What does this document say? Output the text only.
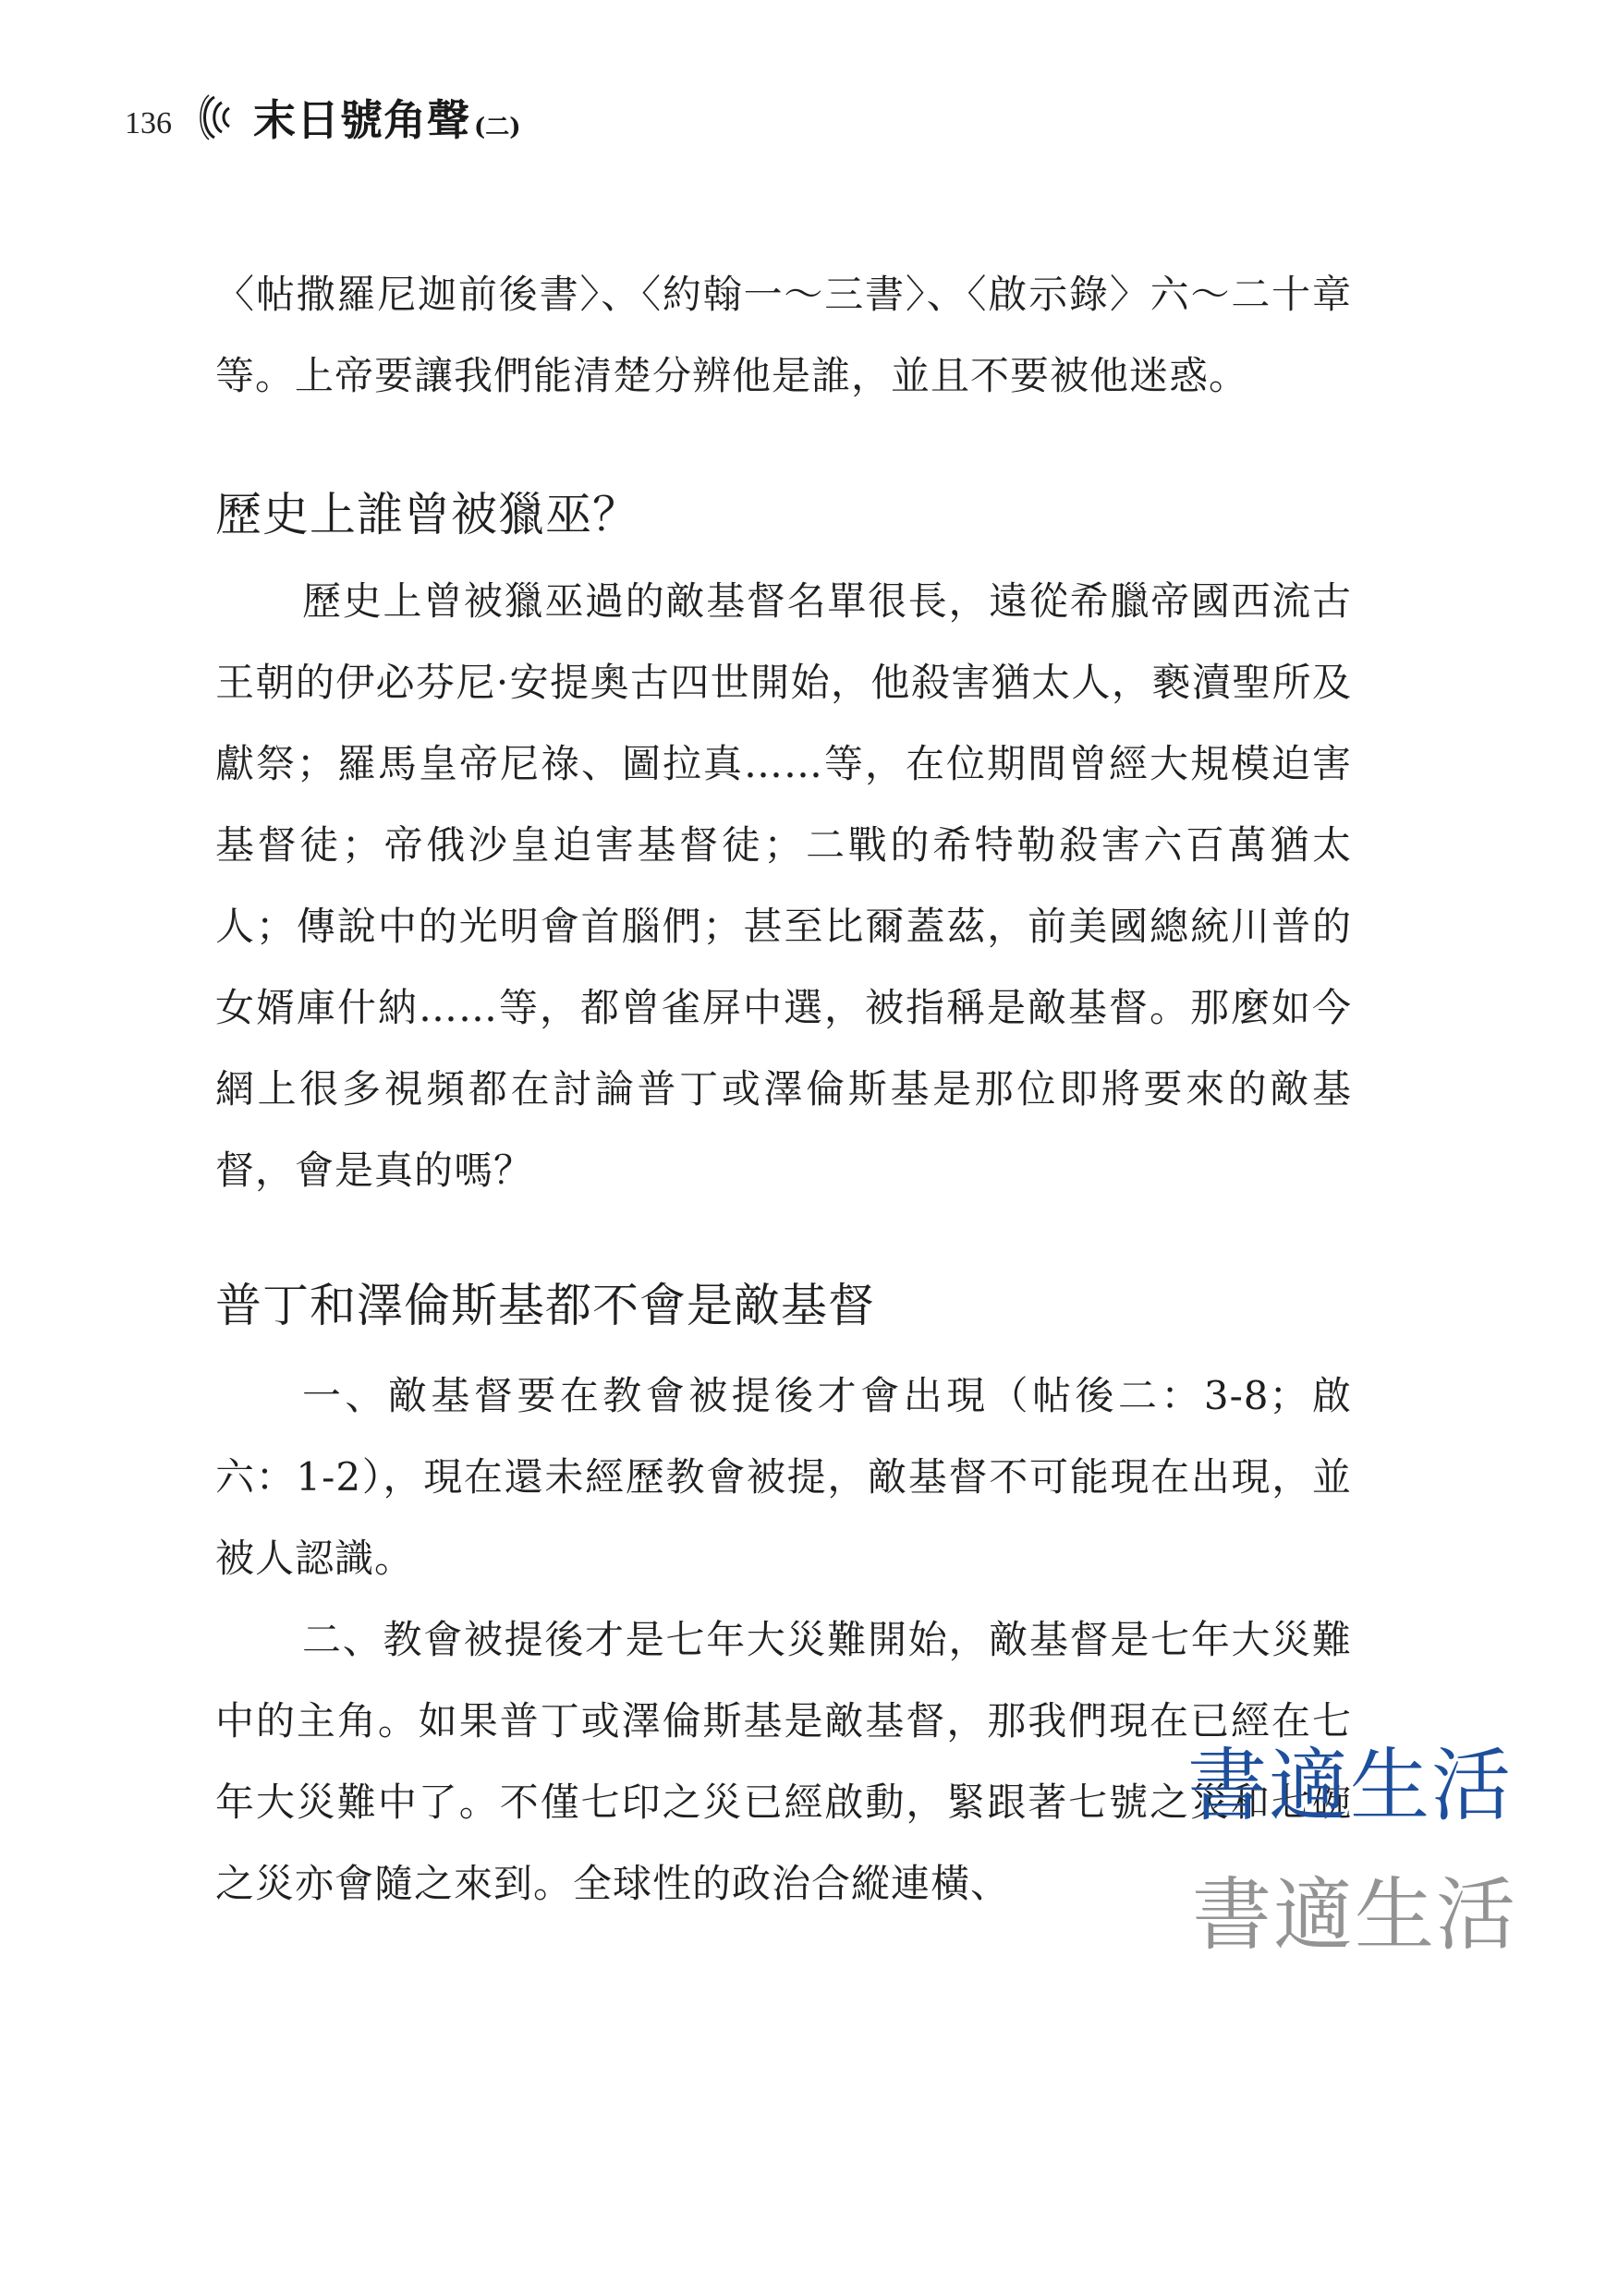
136 末日號角聲 (二)

〈帖撒羅尼迦前後書〉、〈約翰一～三書〉、〈啟示錄〉六～二十章等。上帝要讓我們能清楚分辨他是誰，並且不要被他迷惑。

歷史上誰曾被獵巫？

歷史上曾被獵巫過的敵基督名單很長，遠從希臘帝國西流古王朝的伊必芬尼·安提奧古四世開始，他殺害猶太人，褻瀆聖所及獻祭；羅馬皇帝尼祿、圖拉真……等，在位期間曾經大規模迫害基督徒；帝俄沙皇迫害基督徒；二戰的希特勒殺害六百萬猶太人；傳說中的光明會首腦們；甚至比爾蓋茲，前美國總統川普的女婿庫什納……等，都曾雀屏中選，被指稱是敵基督。那麼如今網上很多視頻都在討論普丁或澤倫斯基是那位即將要來的敵基督，會是真的嗎？

普丁和澤倫斯基都不會是敵基督

一、敵基督要在教會被提後才會出現（帖後二：3-8；啟六：1-2），現在還未經歷教會被提，敵基督不可能現在出現，並被人認識。

二、教會被提後才是七年大災難開始，敵基督是七年大災難中的主角。如果普丁或澤倫斯基是敵基督，那我們現在已經在七年大災難中了。不僅七印之災已經啟動，緊跟著七號之災和七碗之災亦會隨之來到。全球性的政治合縱連橫、

書適生活
書適生活
